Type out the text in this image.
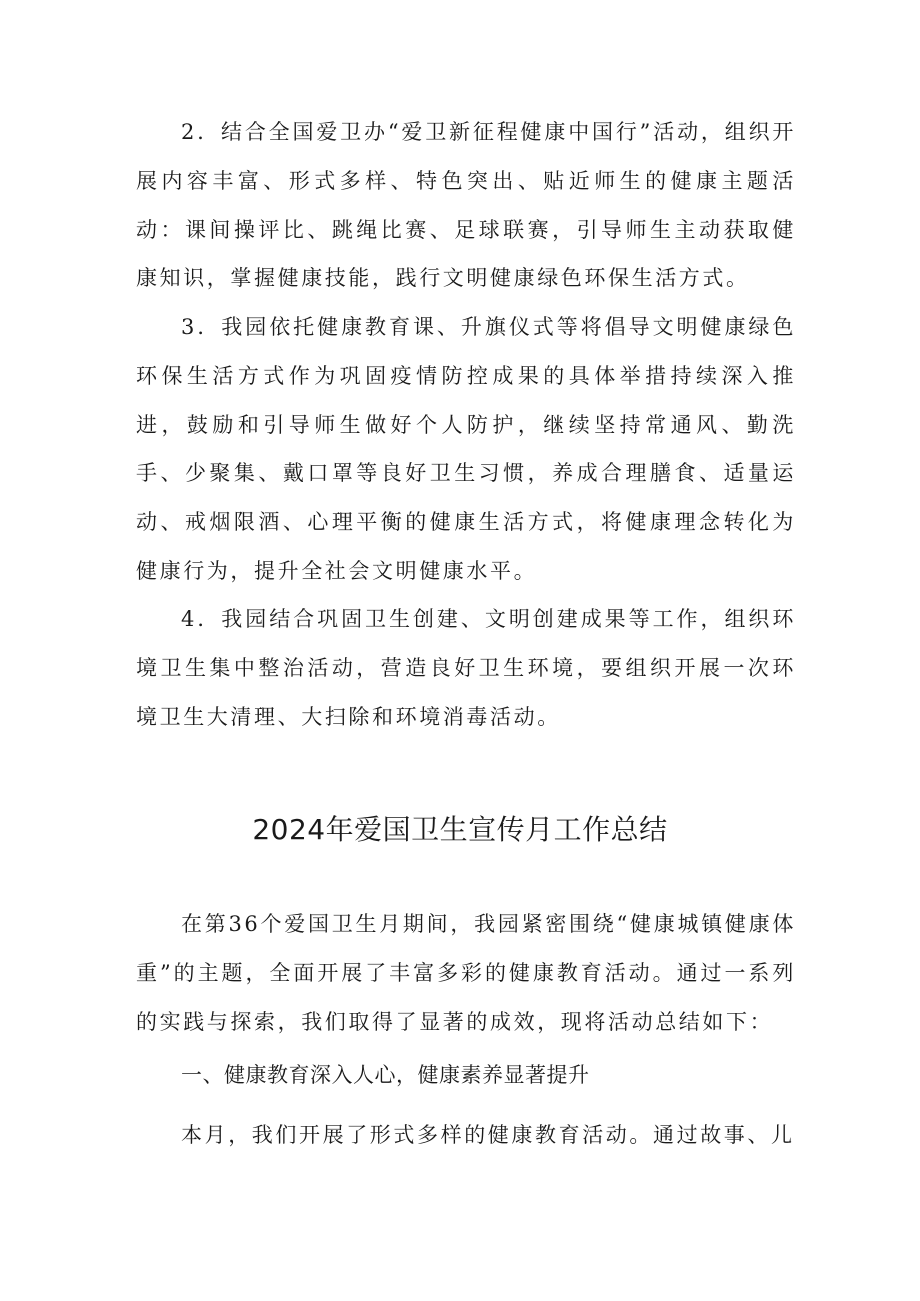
2．结合全国爱卫办“爱卫新征程健康中国行”活动，组织开展内容丰富、形式多样、特色突出、贴近师生的健康主题活动：课间操评比、跳绳比赛、足球联赛，引导师生主动获取健康知识，掌握健康技能，践行文明健康绿色环保生活方式。

3．我园依托健康教育课、升旗仪式等将倡导文明健康绿色环保生活方式作为巩固疫情防控成果的具体举措持续深入推进，鼓励和引导师生做好个人防护，继续坚持常通风、勤洗手、少聚集、戴口罩等良好卫生习惯，养成合理膳食、适量运动、戒烟限酒、心理平衡的健康生活方式，将健康理念转化为健康行为，提升全社会文明健康水平。

4．我园结合巩固卫生创建、文明创建成果等工作，组织环境卫生集中整治活动，营造良好卫生环境，要组织开展一次环境卫生大清理、大扫除和环境消毒活动。

2024年爱国卫生宣传月工作总结

在第36个爱国卫生月期间，我园紧密围绕“健康城镇健康体重”的主题，全面开展了丰富多彩的健康教育活动。通过一系列的实践与探索，我们取得了显著的成效，现将活动总结如下：

一、健康教育深入人心，健康素养显著提升

本月，我们开展了形式多样的健康教育活动。通过故事、儿
